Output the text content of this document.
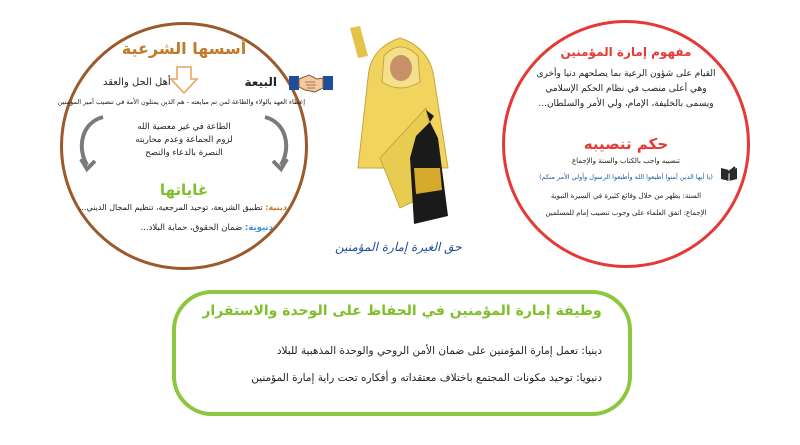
أسسها الشرعية
البيعة
أهل الحل والعقد
إعطاء العهد بالولاء والطاعة لمن تم مبايعته - هم الذين يمثلون الأمة في تنصيب أمير المؤمنين
الطاعة في غير معصية الله
لزوم الجماعة وعدم محاربته
النصرة بالدعاء والنصح
غاياتها
دينية: تطبيق الشريعة، توحيد المرجعية، تنظيم المجال الديني...
دنيوية: ضمان الحقوق، حماية البلاد...
حق الغيرة إمارة المؤمنين
مفهوم إمارة المؤمنين
القيام على شؤون الرعية بما يصلحهم دنيا وأخرى
وهي أعلى منصب في نظام الحكم الإسلامي
ويسمى بالخليفة، الإمام، ولي الأمر والسلطان...
حكم تنصيبه
تنصيبه واجب بالكتاب والسنة والإجماع
(يا أيها الذين آمنوا أطيعوا الله وأطيعوا الرسول وأولي الأمر منكم)
السنة: يظهر من خلال وقائع كثيرة في السيرة النبوية
الإجماع: اتفق العلماء على وجوب تنصيب إمام للمسلمين
وظيفة إمارة المؤمنين في الحفاظ على الوحدة والاستقرار
دينيا: تعمل إمارة المؤمنين على ضمان الأمن الروحي والوحدة المذهبية للبلاد
دنيويا: توحيد مكونات المجتمع باختلاف معتقداته و أفكاره تحت راية إمارة المؤمنين
